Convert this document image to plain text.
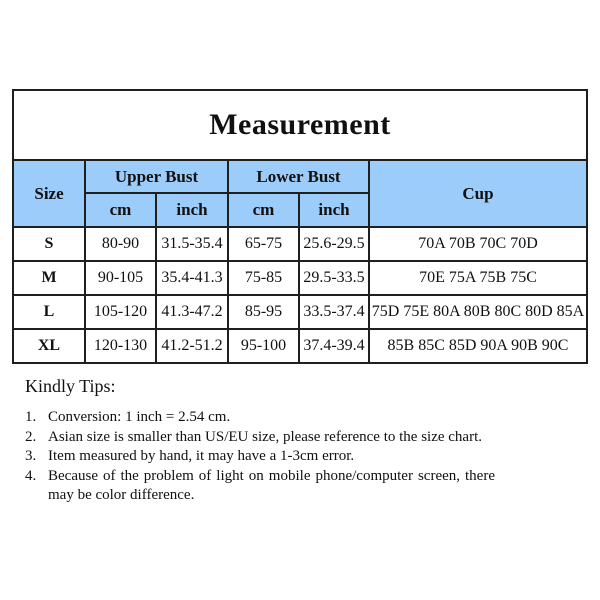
Measurement					
Size	Upper Bust		Lower Bust		Cup
	cm	inch	cm	inch	
S	80-90	31.5-35.4	65-75	25.6-29.5	70A 70B 70C 70D
M	90-105	35.4-41.3	75-85	29.5-33.5	70E 75A 75B 75C
L	105-120	41.3-47.2	85-95	33.5-37.4	75D 75E 80A 80B 80C 80D 85A
XL	120-130	41.2-51.2	95-100	37.4-39.4	85B 85C 85D 90A 90B 90C
Kindly Tips:
1. Conversion: 1 inch = 2.54 cm.
2. Asian size is smaller than US/EU size, please reference to the size chart.
3. Item measured by hand, it may have a 1-3cm error.
4. Because of the problem of light on mobile phone/computer screen, there may be color difference.
